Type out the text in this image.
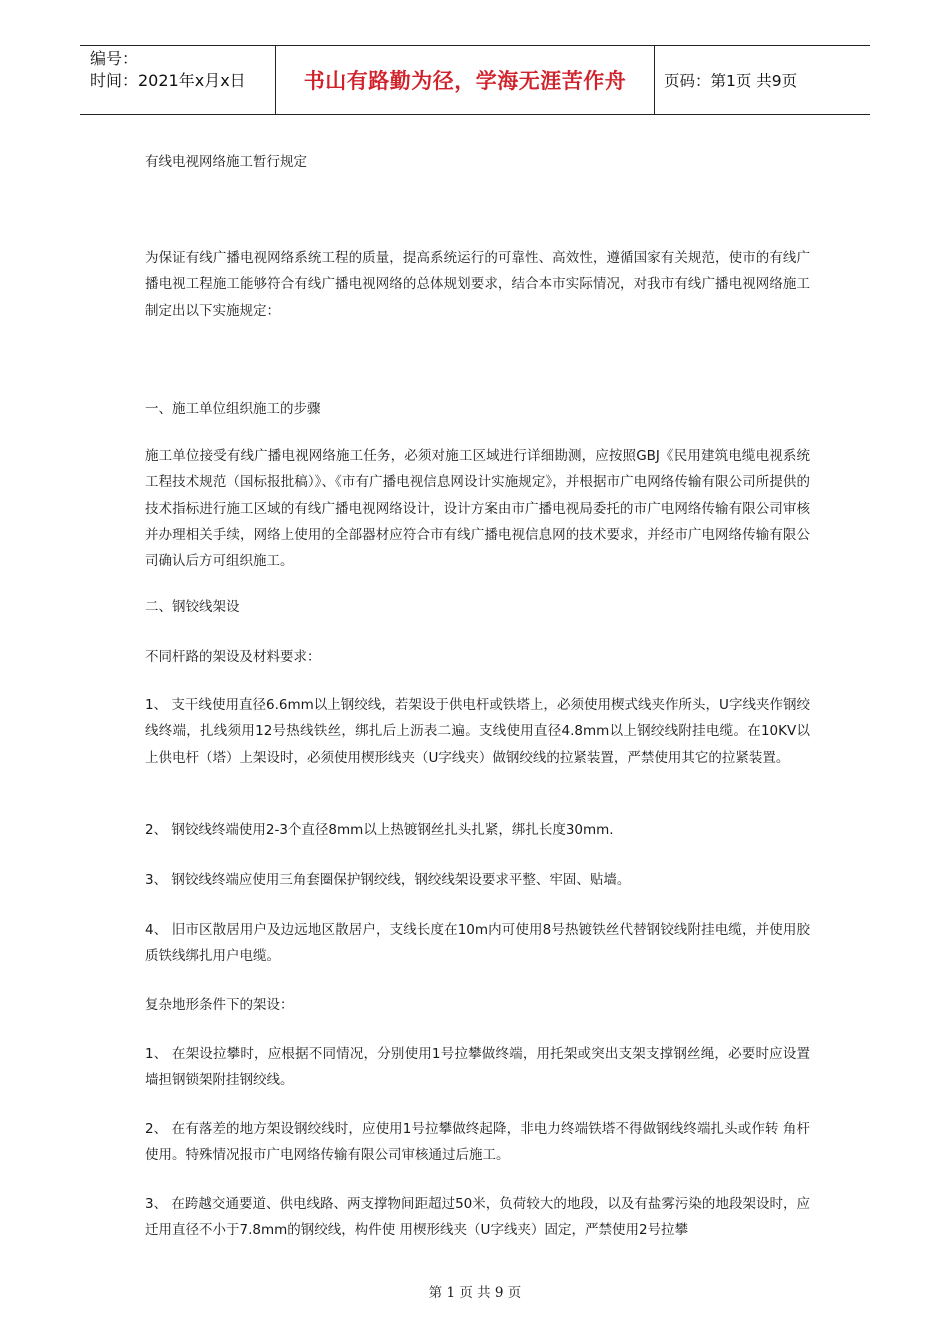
编号：
时间：2021年x月x日	书山有路勤为径，学海无涯苦作舟 页码：第1页 共9页
有线电视网络施工暂行规定

为保证有线广播电视网络系统工程的质量，提高系统运行的可靠性、高效性，遵循国家有关规范，使市的有线广播电视工程施工能够符合有线广播电视网络的总体规划要求，结合本市实际情况，对我市有线广播电视网络施工制定出以下实施规定：

一、施工单位组织施工的步骤

施工单位接受有线广播电视网络施工任务，必须对施工区域进行详细勘测，应按照GBJ《民用建筑电缆电视系统工程技术规范（国标报批稿）》、《市有广播电视信息网设计实施规定》，并根据市广电网络传输有限公司所提供的技术指标进行施工区域的有线广播电视网络设计，设计方案由市广播电视局委托的市广电网络传输有限公司审核并办理相关手续，网络上使用的全部器材应符合市有线广播电视信息网的技术要求，并经市广电网络传输有限公司确认后方可组织施工。

二、钢铰线架设
不同杆路的架设及材料要求：

1、 支干线使用直径6.6mm以上钢绞线，若架设于供电杆或铁塔上，必须使用楔式线夹作所头，U字线夹作钢绞线终端，扎线须用12号热线铁丝，绑扎后上沥表二遍。支线使用直径4.8mm以上钢绞线附挂电缆。在10KV以上供电杆（塔）上架设时，必须使用楔形线夹（U字线夹）做钢绞线的拉紧装置，严禁使用其它的拉紧装置。

2、 钢铰线终端使用2-3个直径8mm以上热镀钢丝扎头扎紧，绑扎长度30mm.

3、 钢铰线终端应使用三角套圈保护钢绞线，钢绞线架设要求平整、牢固、贴墙。

4、 旧市区散居用户及边远地区散居户，支线长度在10m内可使用8号热镀铁丝代替钢铰线附挂电缆，并使用胶质铁线绑扎用户电缆。

复杂地形条件下的架设：

1、 在架设拉攀时，应根据不同情况，分别使用1号拉攀做终端，用托架或突出支架支撑钢丝绳，必要时应设置墙担钢锁架附挂钢绞线。

2、 在有落差的地方架设钢绞线时，应使用1号拉攀做终起降，非电力终端铁塔不得做钢线终端扎头或作转 角杆使用。特殊情况报市广电网络传输有限公司审核通过后施工。

3、 在跨越交通要道、供电线路、两支撑物间距超过50米，负荷较大的地段，以及有盐雾污染的地段架设时，应迁用直径不小于7.8mm的钢绞线，构件使 用楔形线夹（U字线夹）固定，严禁使用2号拉攀

第 1 页 共 9 页
